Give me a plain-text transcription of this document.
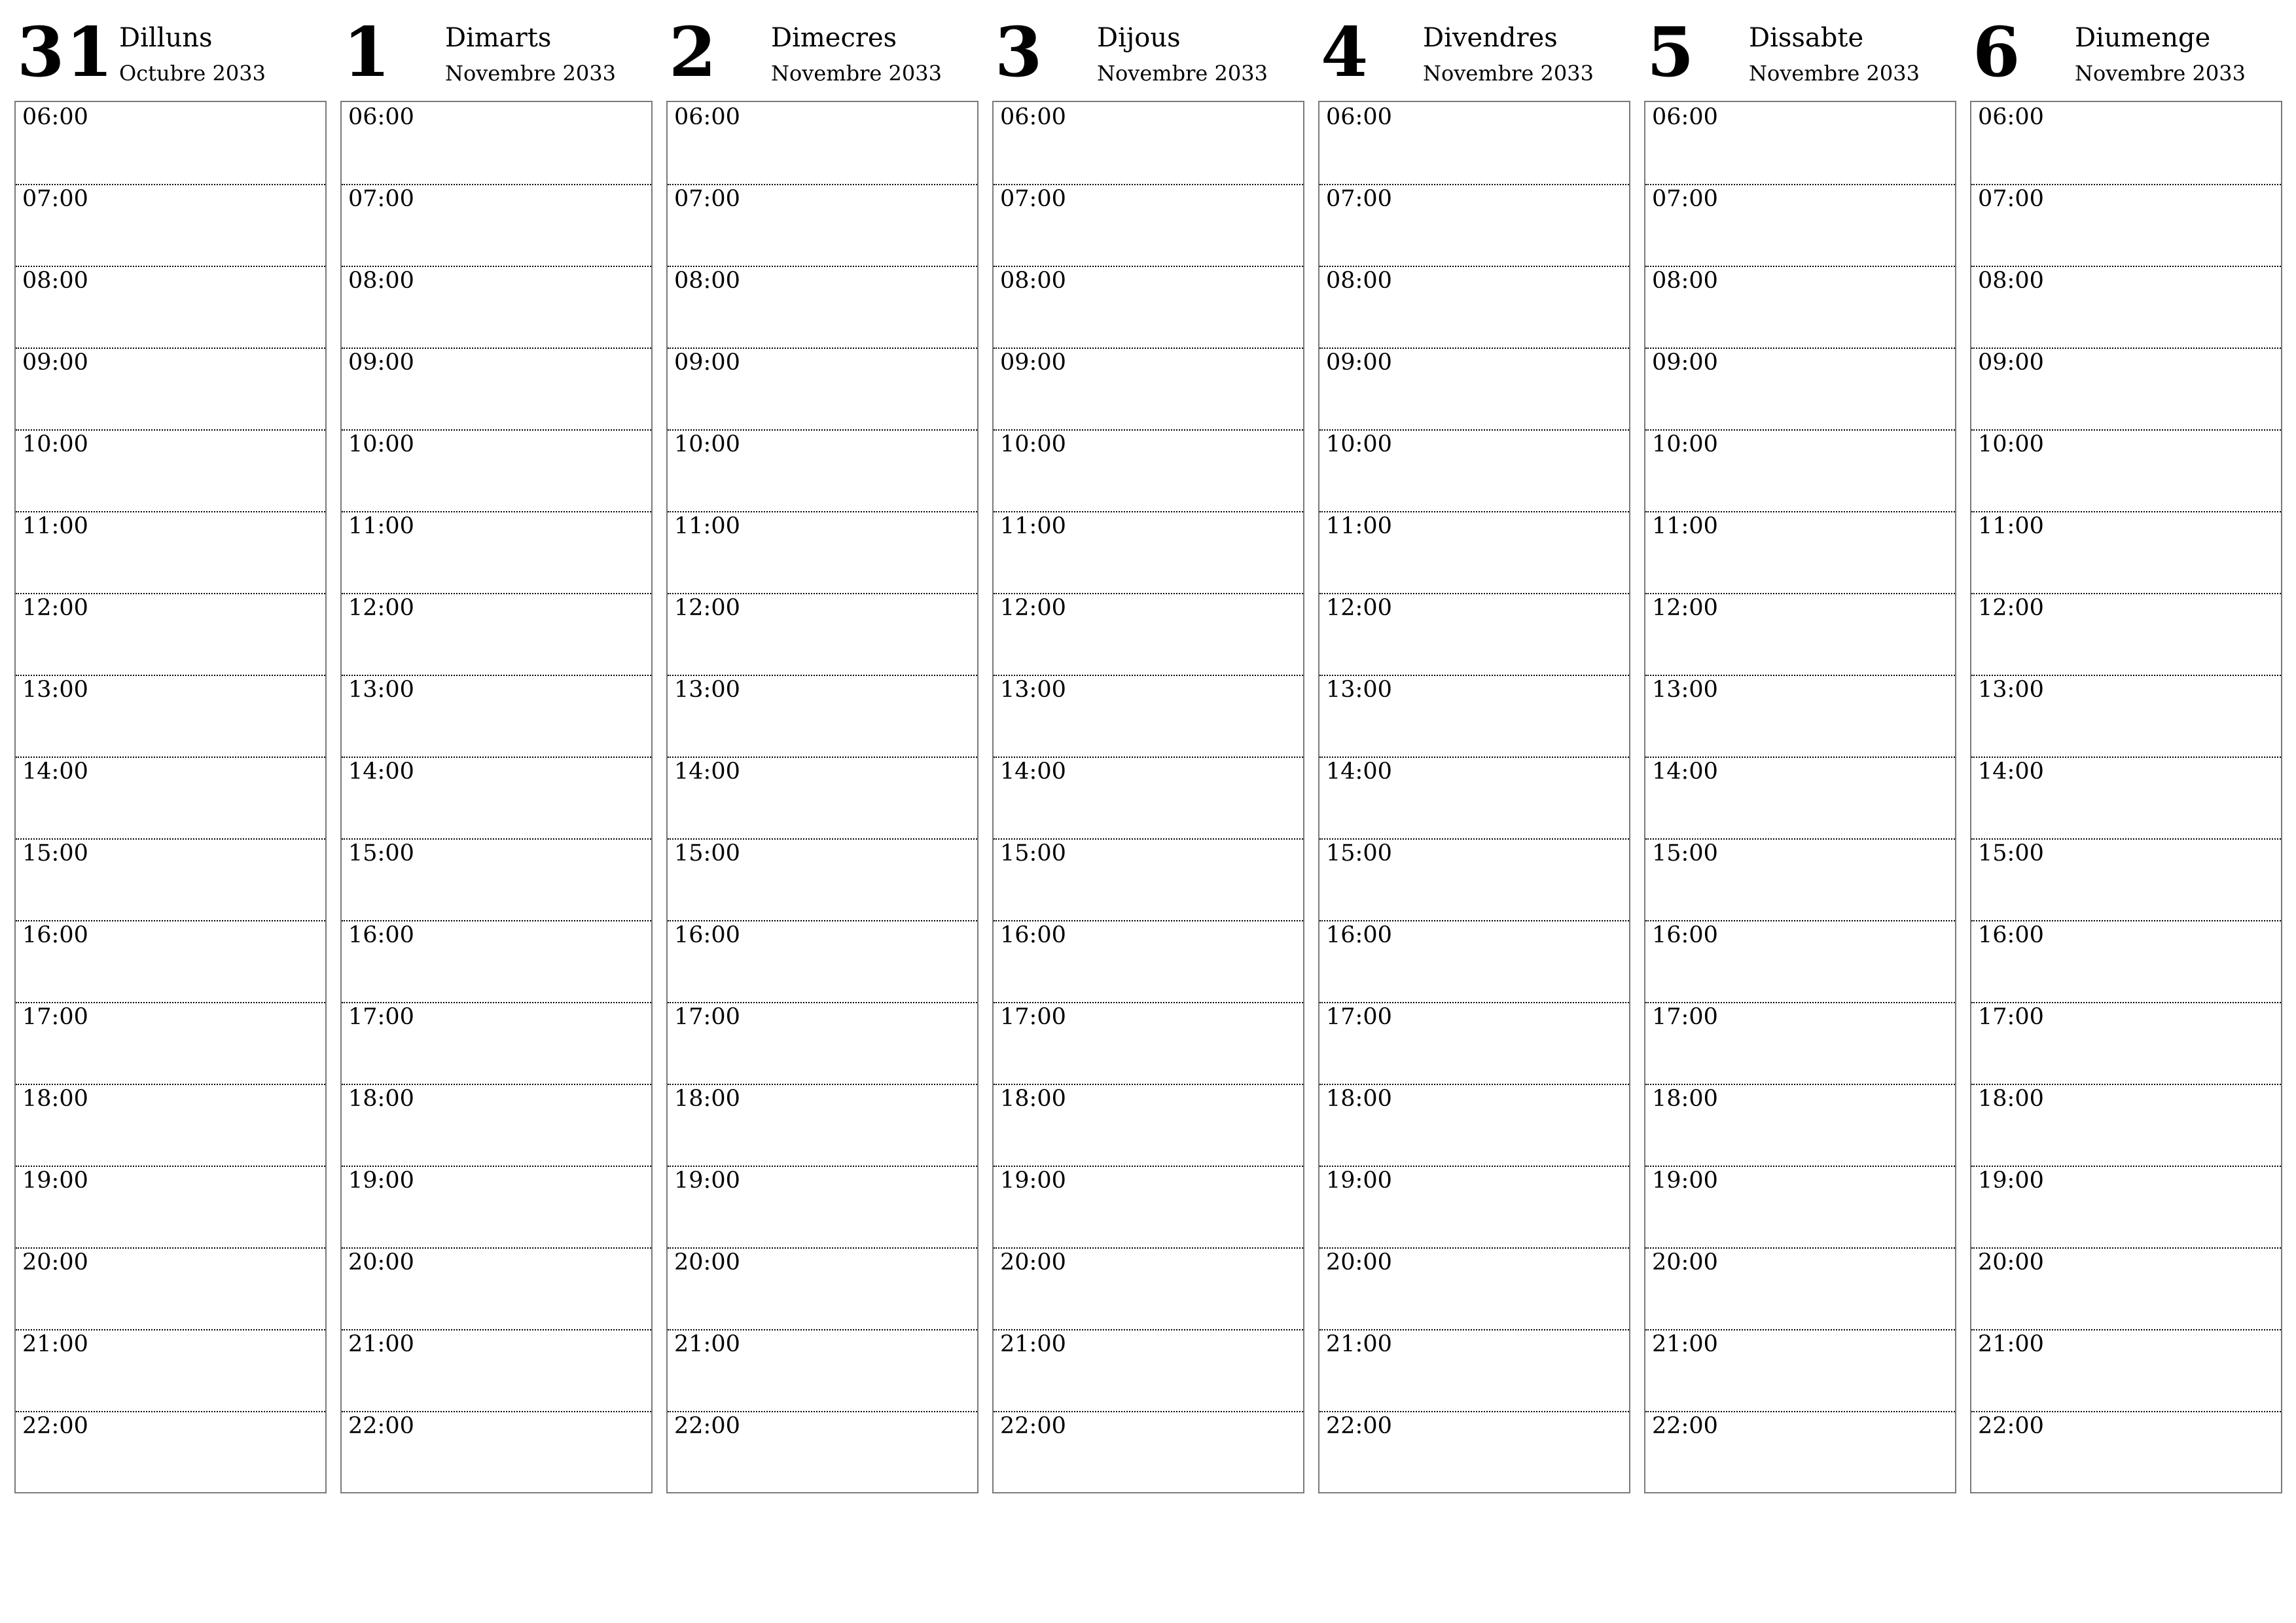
31 Dilluns
Octubre 2033
06:00
07:00
08:00
09:00
10:00
11:00
12:00
13:00
14:00
15:00
16:00
17:00
18:00
19:00
20:00
21:00
22:00
1 Dimarts
Novembre 2033
06:00
07:00
08:00
09:00
10:00
11:00
12:00
13:00
14:00
15:00
16:00
17:00
18:00
19:00
20:00
21:00
22:00
2 Dimecres
Novembre 2033
06:00
07:00
08:00
09:00
10:00
11:00
12:00
13:00
14:00
15:00
16:00
17:00
18:00
19:00
20:00
21:00
22:00
3 Dijous
Novembre 2033
06:00
07:00
08:00
09:00
10:00
11:00
12:00
13:00
14:00
15:00
16:00
17:00
18:00
19:00
20:00
21:00
22:00
4 Divendres
Novembre 2033
06:00
07:00
08:00
09:00
10:00
11:00
12:00
13:00
14:00
15:00
16:00
17:00
18:00
19:00
20:00
21:00
22:00
5 Dissabte
Novembre 2033
06:00
07:00
08:00
09:00
10:00
11:00
12:00
13:00
14:00
15:00
16:00
17:00
18:00
19:00
20:00
21:00
22:00
6 Diumenge
Novembre 2033
06:00
07:00
08:00
09:00
10:00
11:00
12:00
13:00
14:00
15:00
16:00
17:00
18:00
19:00
20:00
21:00
22:00
